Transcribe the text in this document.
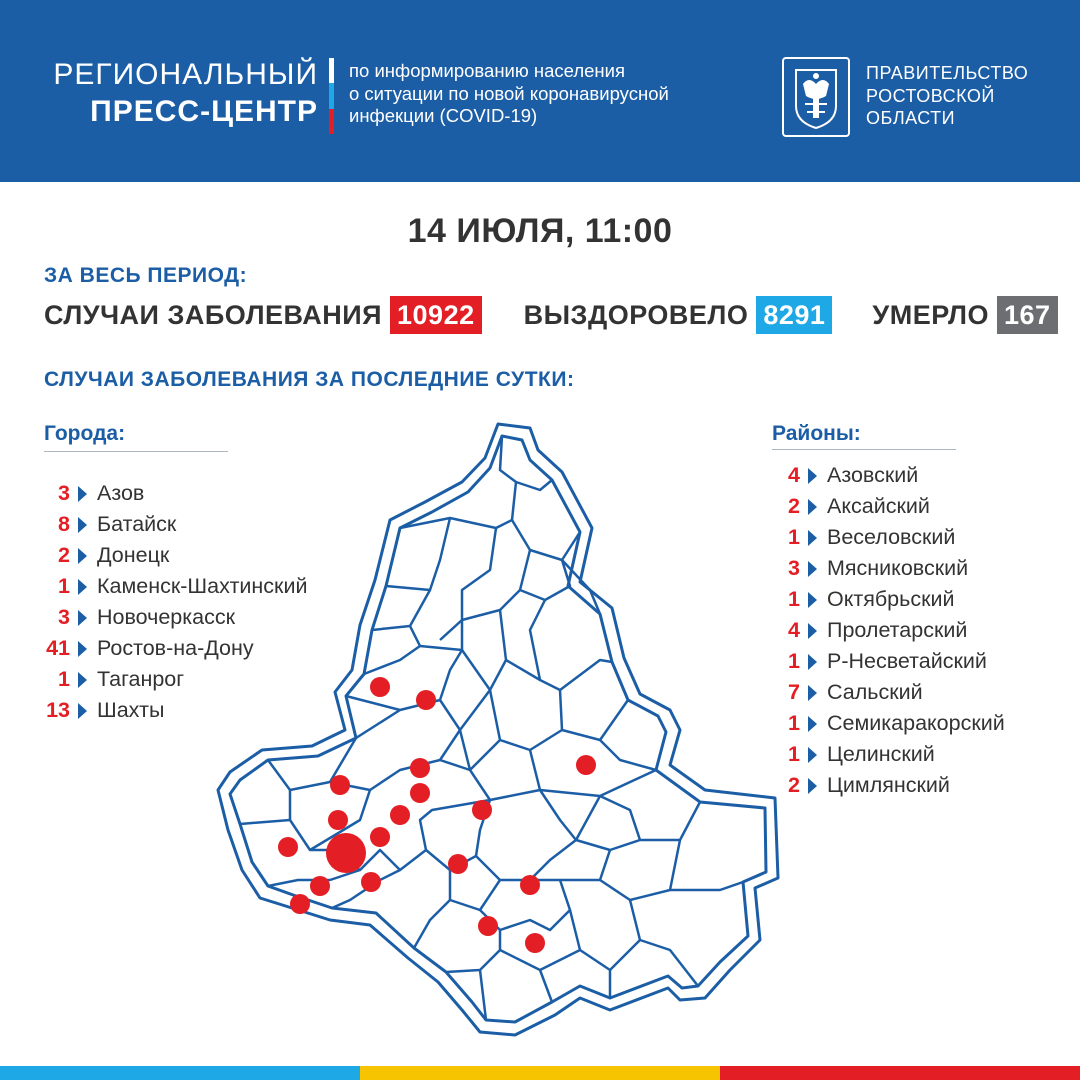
РЕГИОНАЛЬНЫЙ
ПРЕСС-ЦЕНТР
по информированию населения
о ситуации по новой коронавирусной
инфекции (COVID-19)
ПРАВИТЕЛЬСТВО
РОСТОВСКОЙ
ОБЛАСТИ
14 ИЮЛЯ, 11:00
ЗА ВЕСЬ ПЕРИОД:
СЛУЧАИ ЗАБОЛЕВАНИЯ 10922 ВЫЗДОРОВЕЛО 8291 УМЕРЛО 167
СЛУЧАИ ЗАБОЛЕВАНИЯ ЗА ПОСЛЕДНИЕ СУТКИ:
Города:
3 Азов
8 Батайск
2 Донецк
1 Каменск-Шахтинский
3 Новочеркасск
41 Ростов-на-Дону
1 Таганрог
13 Шахты
Районы:
4 Азовский
2 Аксайский
1 Веселовский
3 Мясниковский
1 Октябрьский
4 Пролетарский
1 Р-Несветайский
7 Сальский
1 Семикаракорский
1 Целинский
2 Цимлянский
